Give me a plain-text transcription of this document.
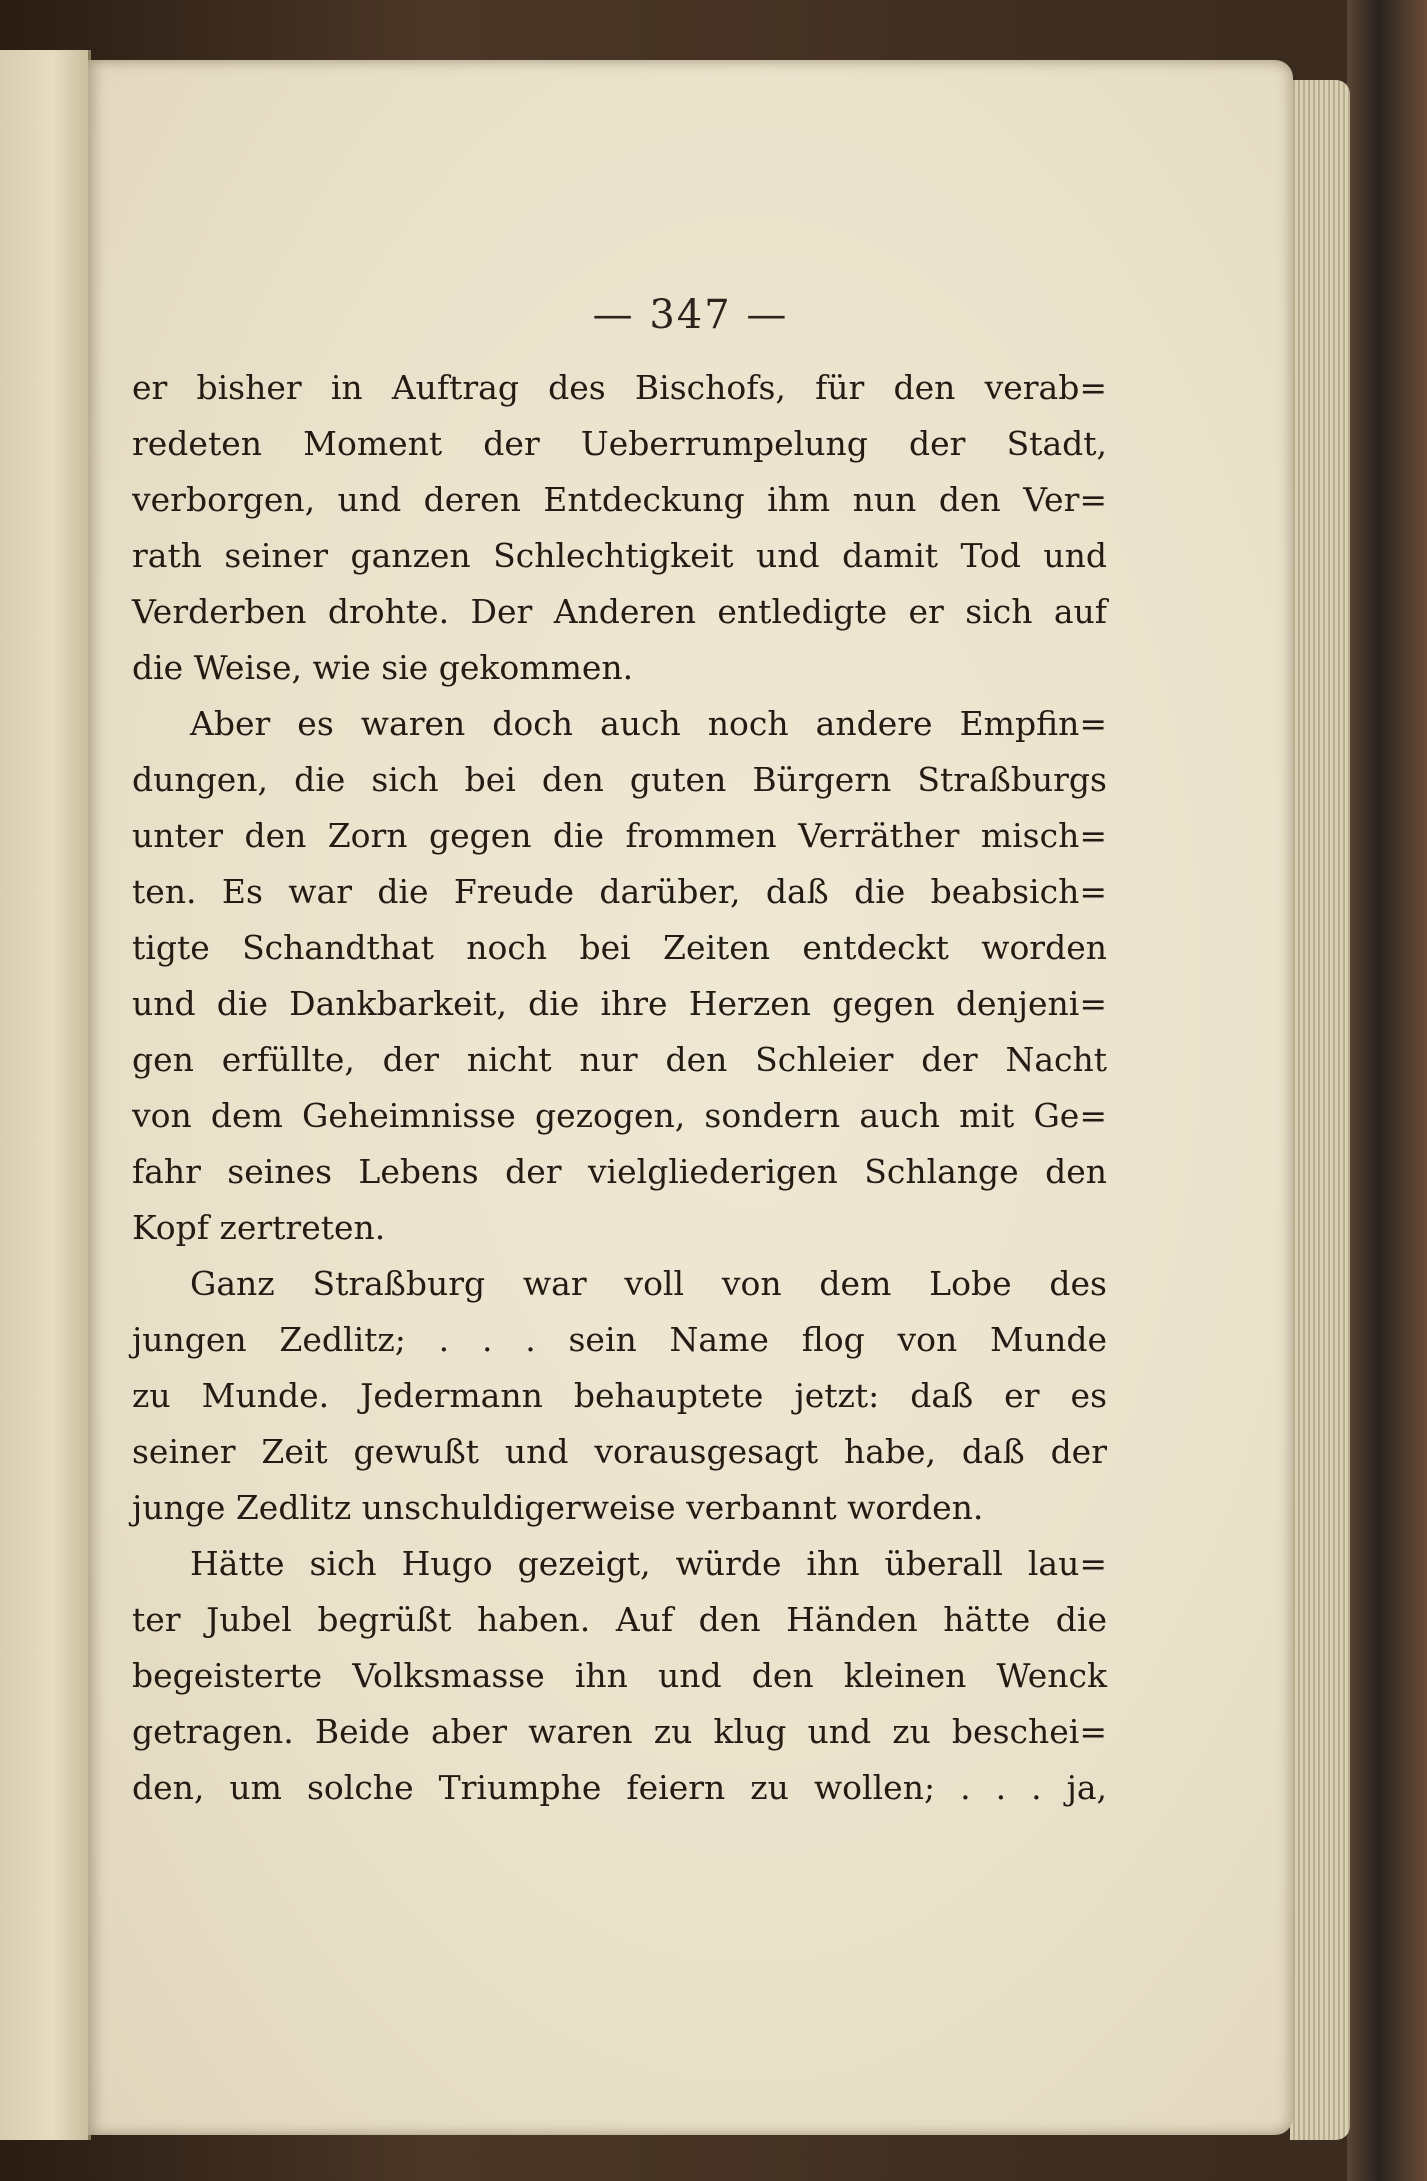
— 347 —
er bisher in Auftrag des Bischofs, für den verab=
redeten Moment der Ueberrumpelung der Stadt,
verborgen, und deren Entdeckung ihm nun den Ver=
rath seiner ganzen Schlechtigkeit und damit Tod und
Verderben drohte. Der Anderen entledigte er sich auf
die Weise, wie sie gekommen.
Aber es waren doch auch noch andere Empfin=
dungen, die sich bei den guten Bürgern Straßburgs
unter den Zorn gegen die frommen Verräther misch=
ten. Es war die Freude darüber, daß die beabsich=
tigte Schandthat noch bei Zeiten entdeckt worden
und die Dankbarkeit, die ihre Herzen gegen denjeni=
gen erfüllte, der nicht nur den Schleier der Nacht
von dem Geheimnisse gezogen, sondern auch mit Ge=
fahr seines Lebens der vielgliederigen Schlange den
Kopf zertreten.
Ganz Straßburg war voll von dem Lobe des
jungen Zedlitz; . . . sein Name flog von Munde
zu Munde. Jedermann behauptete jetzt: daß er es
seiner Zeit gewußt und vorausgesagt habe, daß der
junge Zedlitz unschuldigerweise verbannt worden.
Hätte sich Hugo gezeigt, würde ihn überall lau=
ter Jubel begrüßt haben. Auf den Händen hätte die
begeisterte Volksmasse ihn und den kleinen Wenck
getragen. Beide aber waren zu klug und zu beschei=
den, um solche Triumphe feiern zu wollen; . . . ja,
